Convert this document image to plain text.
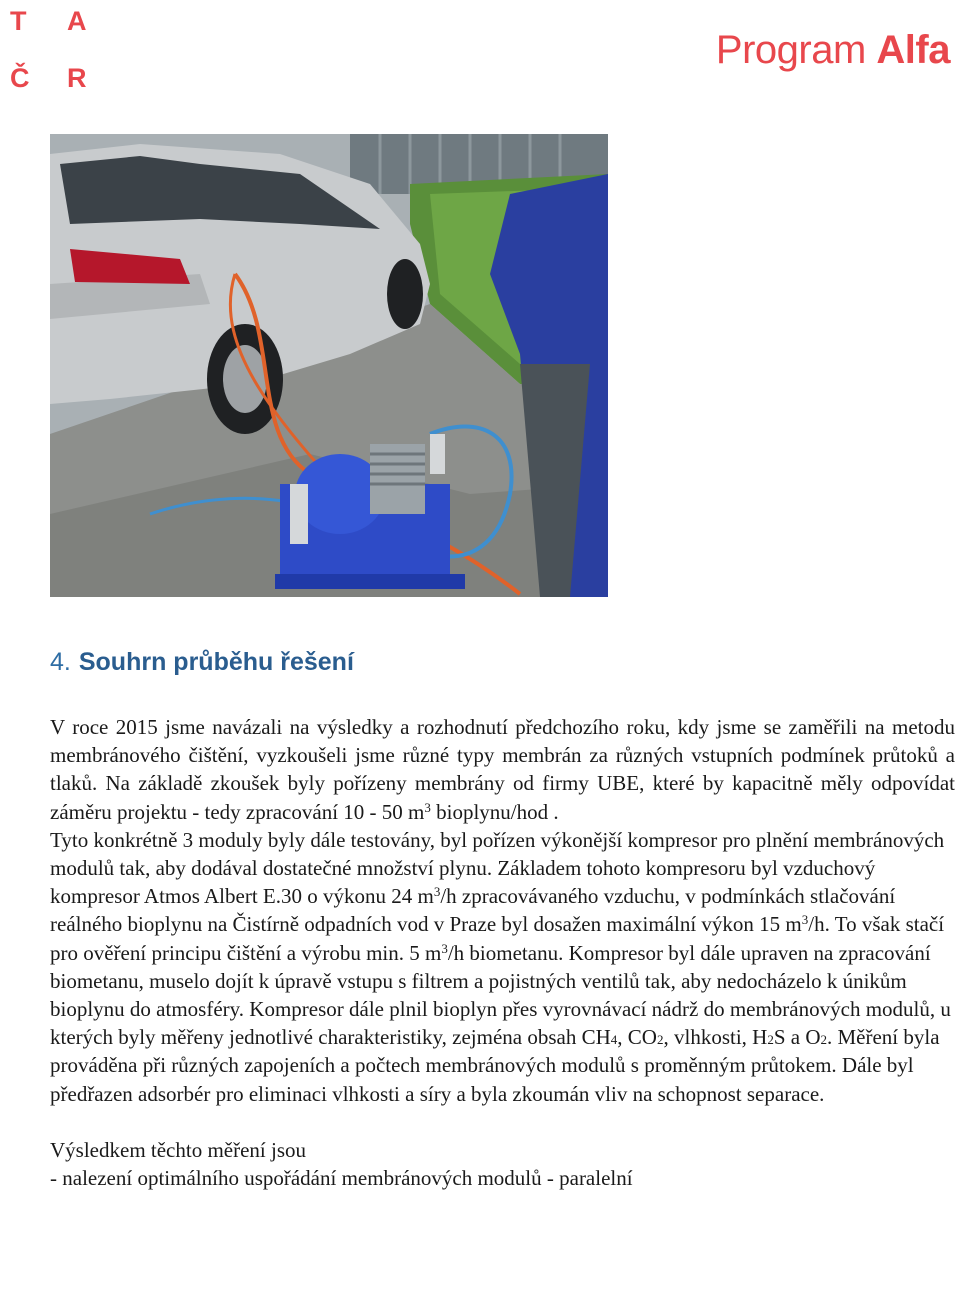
T A
Č R
Program Alfa
4. Souhrn průběhu řešení

V roce 2015 jsme navázali na výsledky a rozhodnutí předchozího roku, kdy jsme se zaměřili na metodu membránového čištění, vyzkoušeli jsme různé typy membrán za různých vstupních podmínek průtoků a tlaků. Na základě zkoušek byly pořízeny membrány od firmy UBE, které by kapacitně měly odpovídat záměru projektu - tedy zpracování 10 - 50 $m^3$ bioplynu/hod .

Tyto konkrétně 3 moduly byly dále testovány, byl pořízen výkonější kompresor pro plnění membránových modulů tak, aby dodával dostatečné množství plynu. Základem tohoto kompresoru byl vzduchový kompresor Atmos Albert E.30 o výkonu 24 $m^3/h$ zpracovávaného vzduchu, v podmínkách stlačování reálného bioplynu na Čistírně odpadních vod v Praze byl dosažen maximální výkon 15 $m^3/h$. To však stačí pro ověření principu čištění a výrobu min. 5 $m^3/h$ biometanu. Kompresor byl dále upraven na zpracování biometanu, muselo dojít k úpravě vstupu s filtrem a pojistných ventilů tak, aby nedocházelo k únikům bioplynu do atmosféry. Kompresor dále plnil bioplyn přes vyrovnávací nádrž do membránových modulů, u kterých byly měřeny jednotlivé charakteristiky, zejména obsah CH4, CO2, vlhkosti, H2S a O2. Měření byla prováděna při různých zapojeních a počtech membránových modulů s proměnným průtokem. Dále byl předřazen adsorbér pro eliminaci vlhkosti a síry a byla zkoumán vliv na schopnost separace.

Výsledkem těchto měření jsou

- nalezení optimálního uspořádání membránových modulů - paralelní
